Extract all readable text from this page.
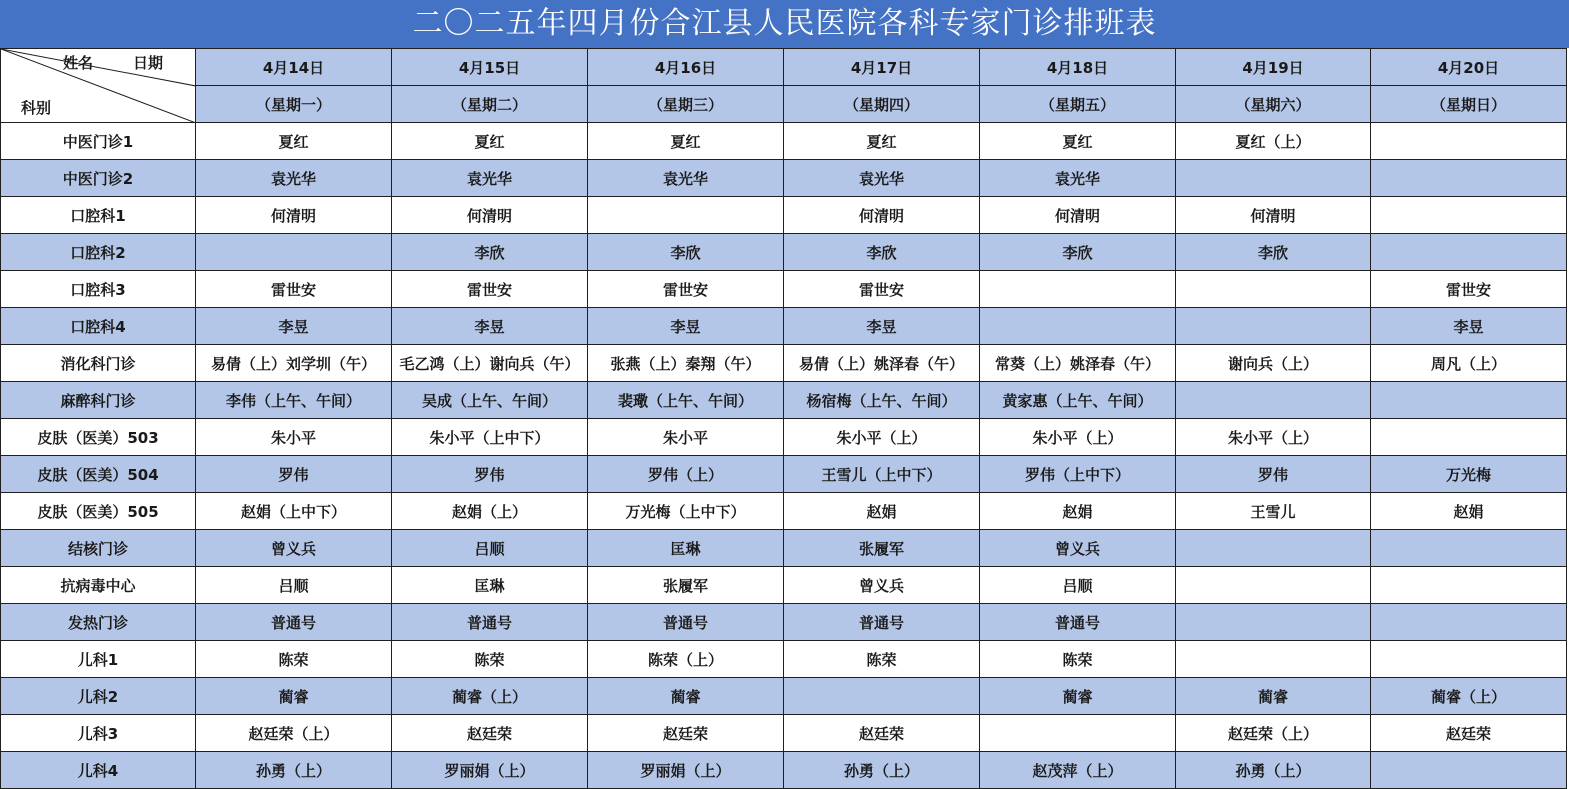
二〇二五年四月份合江县人民医院各科专家门诊排班表
姓名 日期
科别	4月14日	4月15日	4月16日	4月17日	4月18日	4月19日	4月20日
	（星期一）	（星期二）	（星期三）	（星期四）	（星期五）	（星期六）	（星期日）
中医门诊1	夏红	夏红	夏红	夏红	夏红	夏红（上）	
中医门诊2	袁光华	袁光华	袁光华	袁光华	袁光华		
口腔科1	何清明	何清明		何清明	何清明	何清明	
口腔科2		李欣	李欣	李欣	李欣	李欣	
口腔科3	雷世安	雷世安	雷世安	雷世安			雷世安
口腔科4	李昱	李昱	李昱	李昱			李昱
消化科门诊	易倩（上）刘学圳（午）	毛乙鸿（上）谢向兵（午）	张燕（上）秦翔（午）	易倩（上）姚泽春（午）	常葵（上）姚泽春（午）	谢向兵（上）	周凡（上）
麻醉科门诊	李伟（上午、午间）	吴成（上午、午间）	裴璥（上午、午间）	杨宿梅（上午、午间）	黄家惠（上午、午间）		
皮肤（医美）503	朱小平	朱小平（上中下）	朱小平	朱小平（上）	朱小平（上）	朱小平（上）	
皮肤（医美）504	罗伟	罗伟	罗伟（上）	王雪儿（上中下）	罗伟（上中下）	罗伟	万光梅
皮肤（医美）505	赵娟（上中下）	赵娟（上）	万光梅（上中下）	赵娟	赵娟	王雪儿	赵娟
结核门诊	曾义兵	吕顺	匡琳	张履军	曾义兵		
抗病毒中心	吕顺	匡琳	张履军	曾义兵	吕顺		
发热门诊	普通号	普通号	普通号	普通号	普通号		
儿科1	陈荣	陈荣	陈荣（上）	陈荣	陈荣		
儿科2	蔺睿	蔺睿（上）	蔺睿		蔺睿	蔺睿	蔺睿（上）
儿科3	赵廷荣（上）	赵廷荣	赵廷荣	赵廷荣		赵廷荣（上）	赵廷荣
儿科4	孙勇（上）	罗丽娟（上）	罗丽娟（上）	孙勇（上）	赵茂萍（上）	孙勇（上）	
